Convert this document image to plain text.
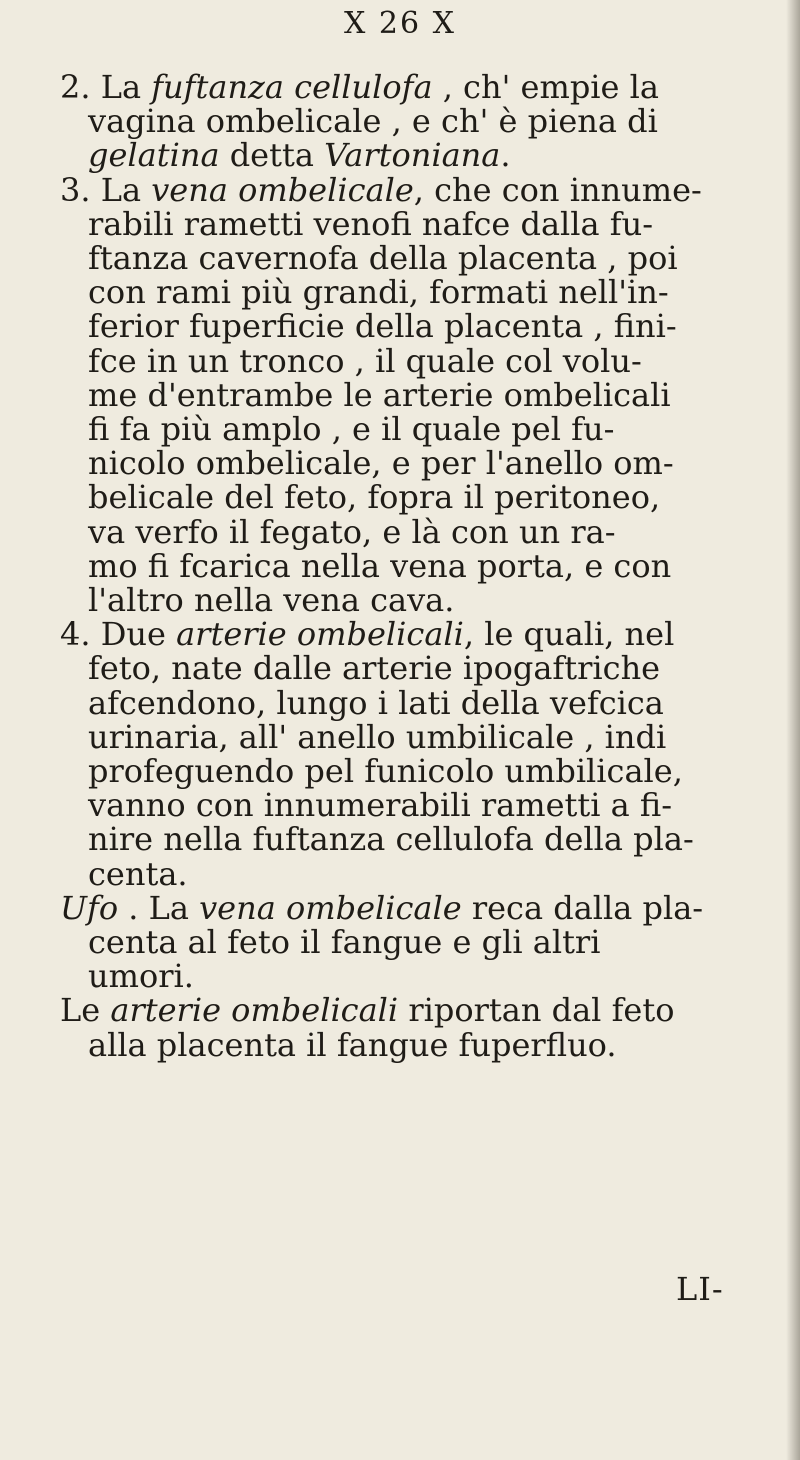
Ⅹ 26 Ⅹ
2. La fuftanza cellulofa , ch' empie la
vagina ombelicale , e ch' è piena di
gelatina detta Vartoniana.
3. La vena ombelicale, che con innume-
rabili rametti venofi nafce dalla fu-
ftanza cavernofa della placenta , poi
con rami più grandi, formati nell'in-
ferior fuperficie della placenta , fini-
fce in un tronco , il quale col volu-
me d'entrambe le arterie ombelicali
fi fa più amplo , e il quale pel fu-
nicolo ombelicale, e per l'anello om-
belicale del feto, fopra il peritoneo,
va verfo il fegato, e là con un ra-
mo fi fcarica nella vena porta, e con
l'altro nella vena cava.
4. Due arterie ombelicali, le quali, nel
feto, nate dalle arterie ipogaftriche
afcendono, lungo i lati della vefcica
urinaria, all' anello umbilicale , indi
profeguendo pel funicolo umbilicale,
vanno con innumerabili rametti a fi-
nire nella fuftanza cellulofa della pla-
centa.
Ufo . La vena ombelicale reca dalla pla-
centa al feto il fangue e gli altri
umori.
Le arterie ombelicali riportan dal feto
alla placenta il fangue fuperfluo.
LI-
